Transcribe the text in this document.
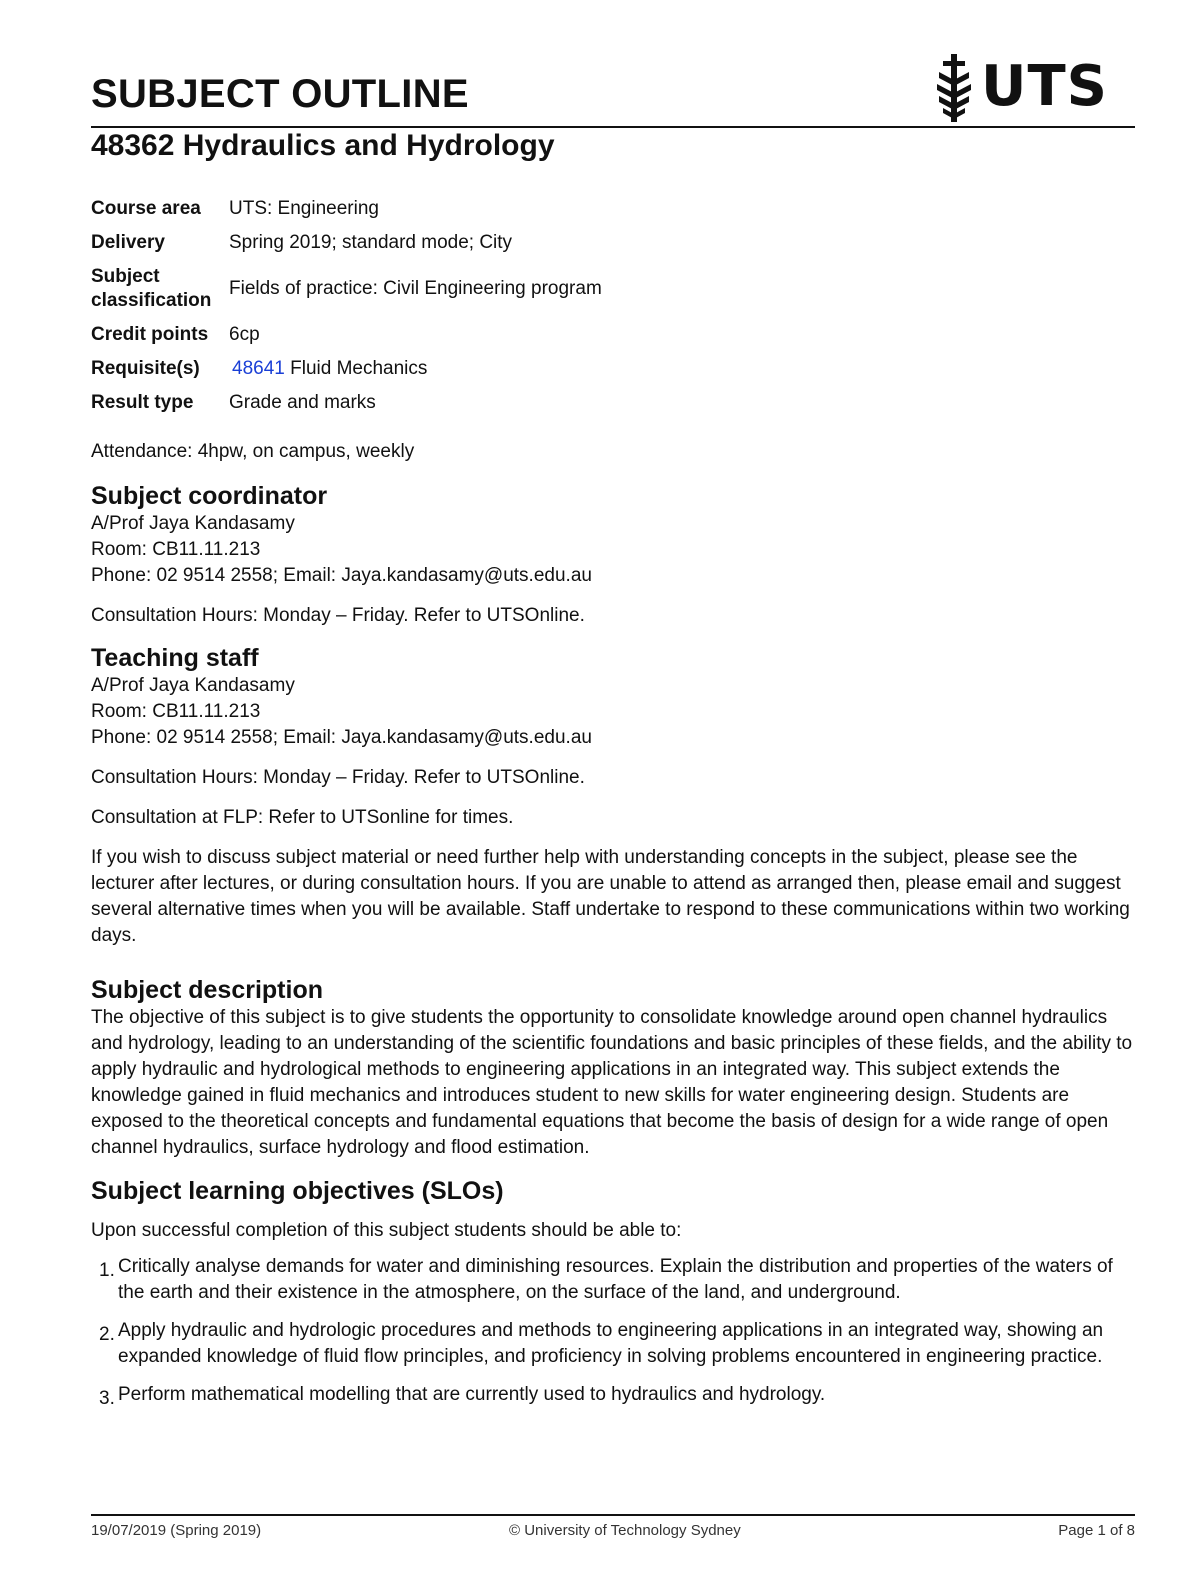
SUBJECT OUTLINE	UTS
48362 Hydraulics and Hydrology
Course area	UTS: Engineering
Delivery	Spring 2019; standard mode; City
Subject
classification	Fields of practice: Civil Engineering program
Credit points	6cp
Requisite(s)	48641 Fluid Mechanics
Result type	Grade and marks

Attendance: 4hpw, on campus, weekly

Subject coordinator

A/Prof Jaya Kandasamy

Room: CB11.11.213

Phone: 02 9514 2558; Email: Jaya.kandasamy@uts.edu.au

Consultation Hours: Monday – Friday. Refer to UTSOnline.

Teaching staff

A/Prof Jaya Kandasamy

Room: CB11.11.213

Phone: 02 9514 2558; Email: Jaya.kandasamy@uts.edu.au

Consultation Hours: Monday – Friday. Refer to UTSOnline.

Consultation at FLP: Refer to UTSonline for times.

If you wish to discuss subject material or need further help with understanding concepts in the subject, please see the lecturer after lectures, or during consultation hours. If you are unable to attend as arranged then, please email and suggest several alternative times when you will be available. Staff undertake to respond to these communications within two working days.

Subject description

The objective of this subject is to give students the opportunity to consolidate knowledge around open channel hydraulics and hydrology, leading to an understanding of the scientific foundations and basic principles of these fields, and the ability to apply hydraulic and hydrological methods to engineering applications in an integrated way. This subject extends the knowledge gained in fluid mechanics and introduces student to new skills for water engineering design. Students are exposed to the theoretical concepts and fundamental equations that become the basis of design for a wide range of open channel hydraulics, surface hydrology and flood estimation.

Subject learning objectives (SLOs)

Upon successful completion of this subject students should be able to:

1. Critically analyse demands for water and diminishing resources. Explain the distribution and properties of the waters of the earth and their existence in the atmosphere, on the surface of the land, and underground.
2. Apply hydraulic and hydrologic procedures and methods to engineering applications in an integrated way, showing an expanded knowledge of fluid flow principles, and proficiency in solving problems encountered in engineering practice.
3. Perform mathematical modelling that are currently used to hydraulics and hydrology.
19/07/2019 (Spring 2019)	© University of Technology Sydney	Page 1 of 8
